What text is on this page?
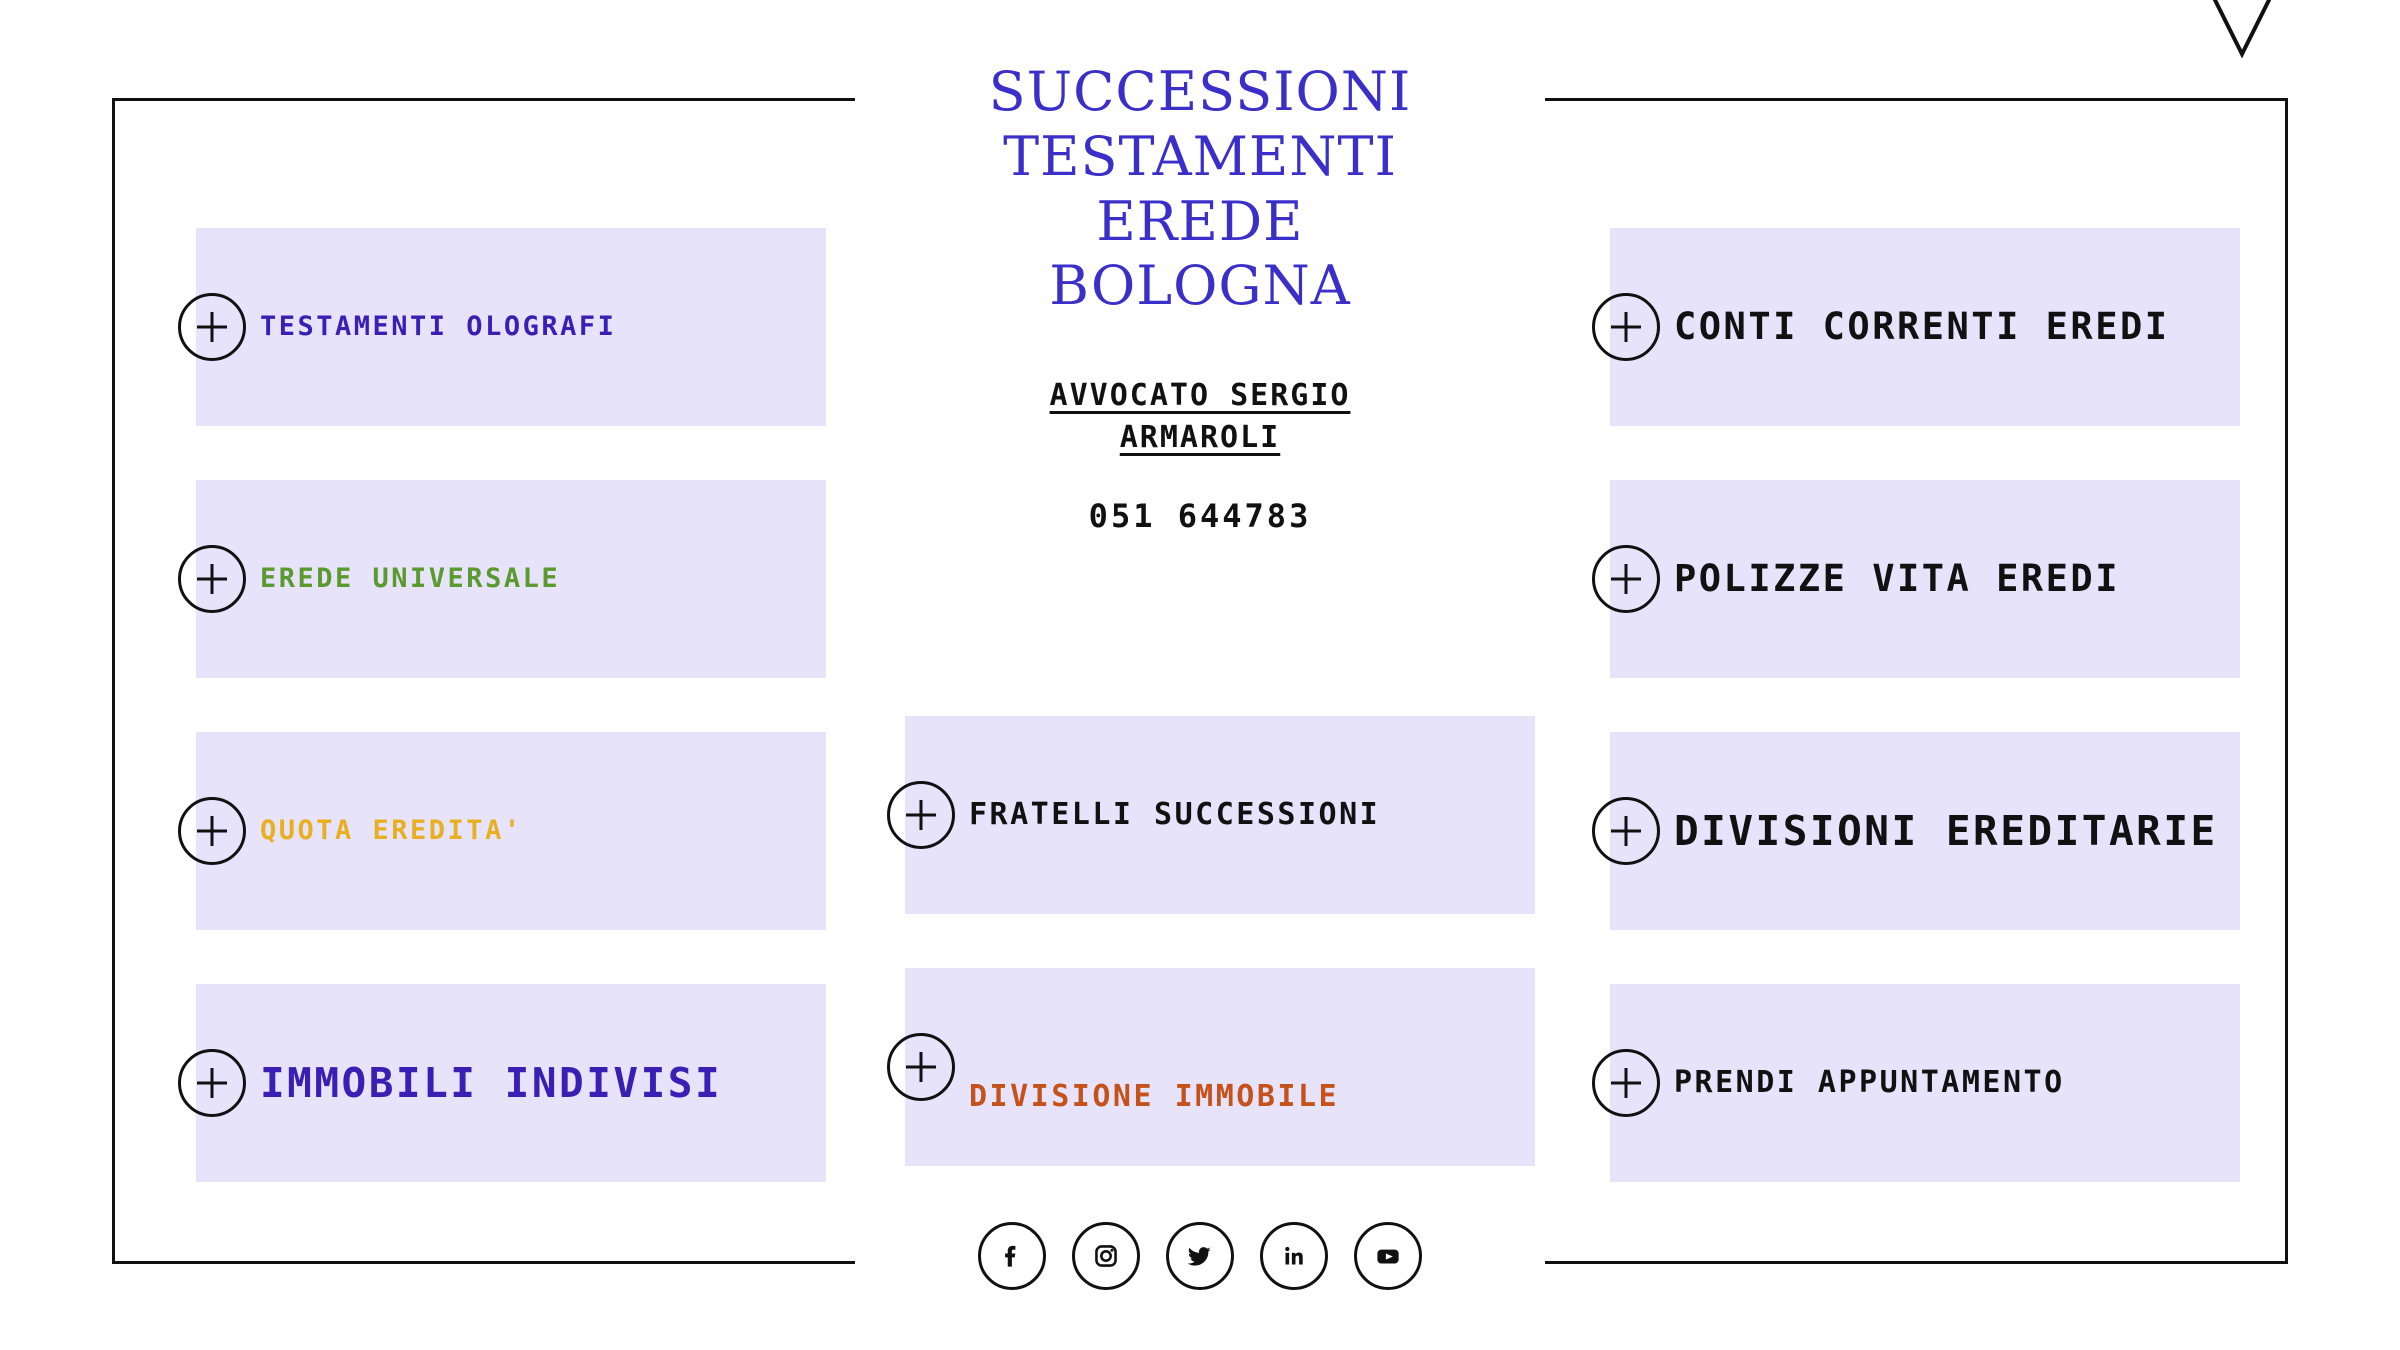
TESTAMENTI OLOGRAFI
EREDE UNIVERSALE
QUOTA EREDITA'
IMMOBILI INDIVISI
FRATELLI SUCCESSIONI
DIVISIONE IMMOBILE
CONTI CORRENTI EREDI
POLIZZE VITA EREDI
DIVISIONI EREDITARIE
PRENDI APPUNTAMENTO
SUCCESSIONI
TESTAMENTI
EREDE
BOLOGNA
AVVOCATO SERGIO
ARMAROLI
051 644783
